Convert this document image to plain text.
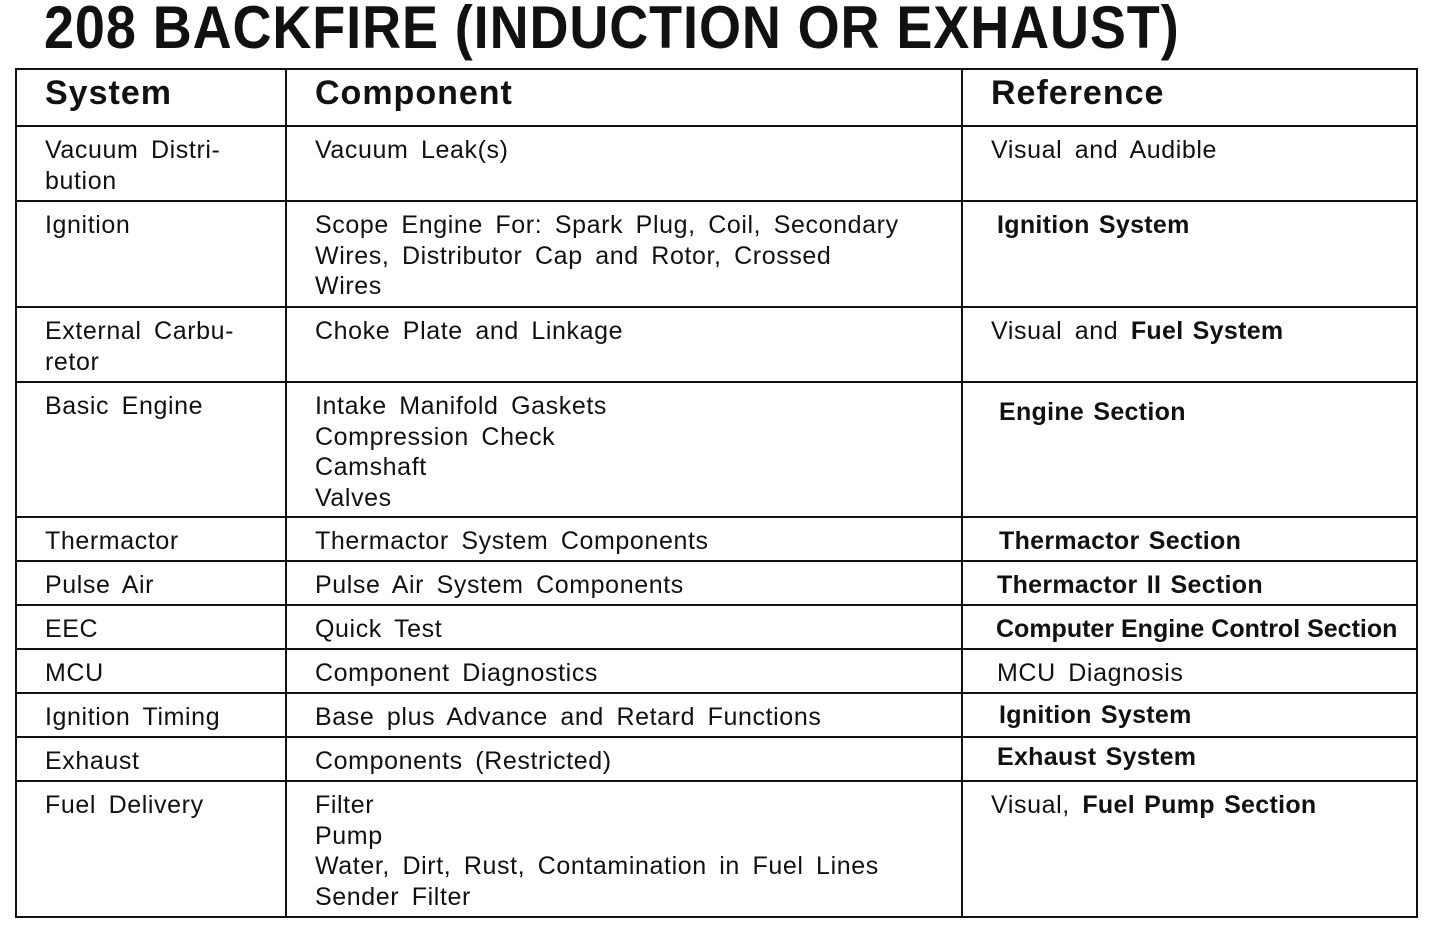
208 BACKFIRE (INDUCTION OR EXHAUST)
System	Component	Reference

Vacuum Distri-
bution	Vacuum Leak(s)	Visual and Audible

Ignition	Scope Engine For: Spark Plug, Coil, Secondary
Wires, Distributor Cap and Rotor, Crossed
Wires	Ignition System

External Carbu-
retor	Choke Plate and Linkage	Visual and Fuel System

Basic Engine	Intake Manifold Gaskets
Compression Check
Camshaft
Valves	Engine Section

Thermactor	Thermactor System Components	Thermactor Section

Pulse Air	Pulse Air System Components	Thermactor II Section

EEC	Quick Test	Computer Engine Control Section

MCU	Component Diagnostics	MCU Diagnosis

Ignition Timing	Base plus Advance and Retard Functions	Ignition System

Exhaust	Components (Restricted)	Exhaust System

Fuel Delivery	Filter
Pump
Water, Dirt, Rust, Contamination in Fuel Lines
Sender Filter	Visual, Fuel Pump Section
